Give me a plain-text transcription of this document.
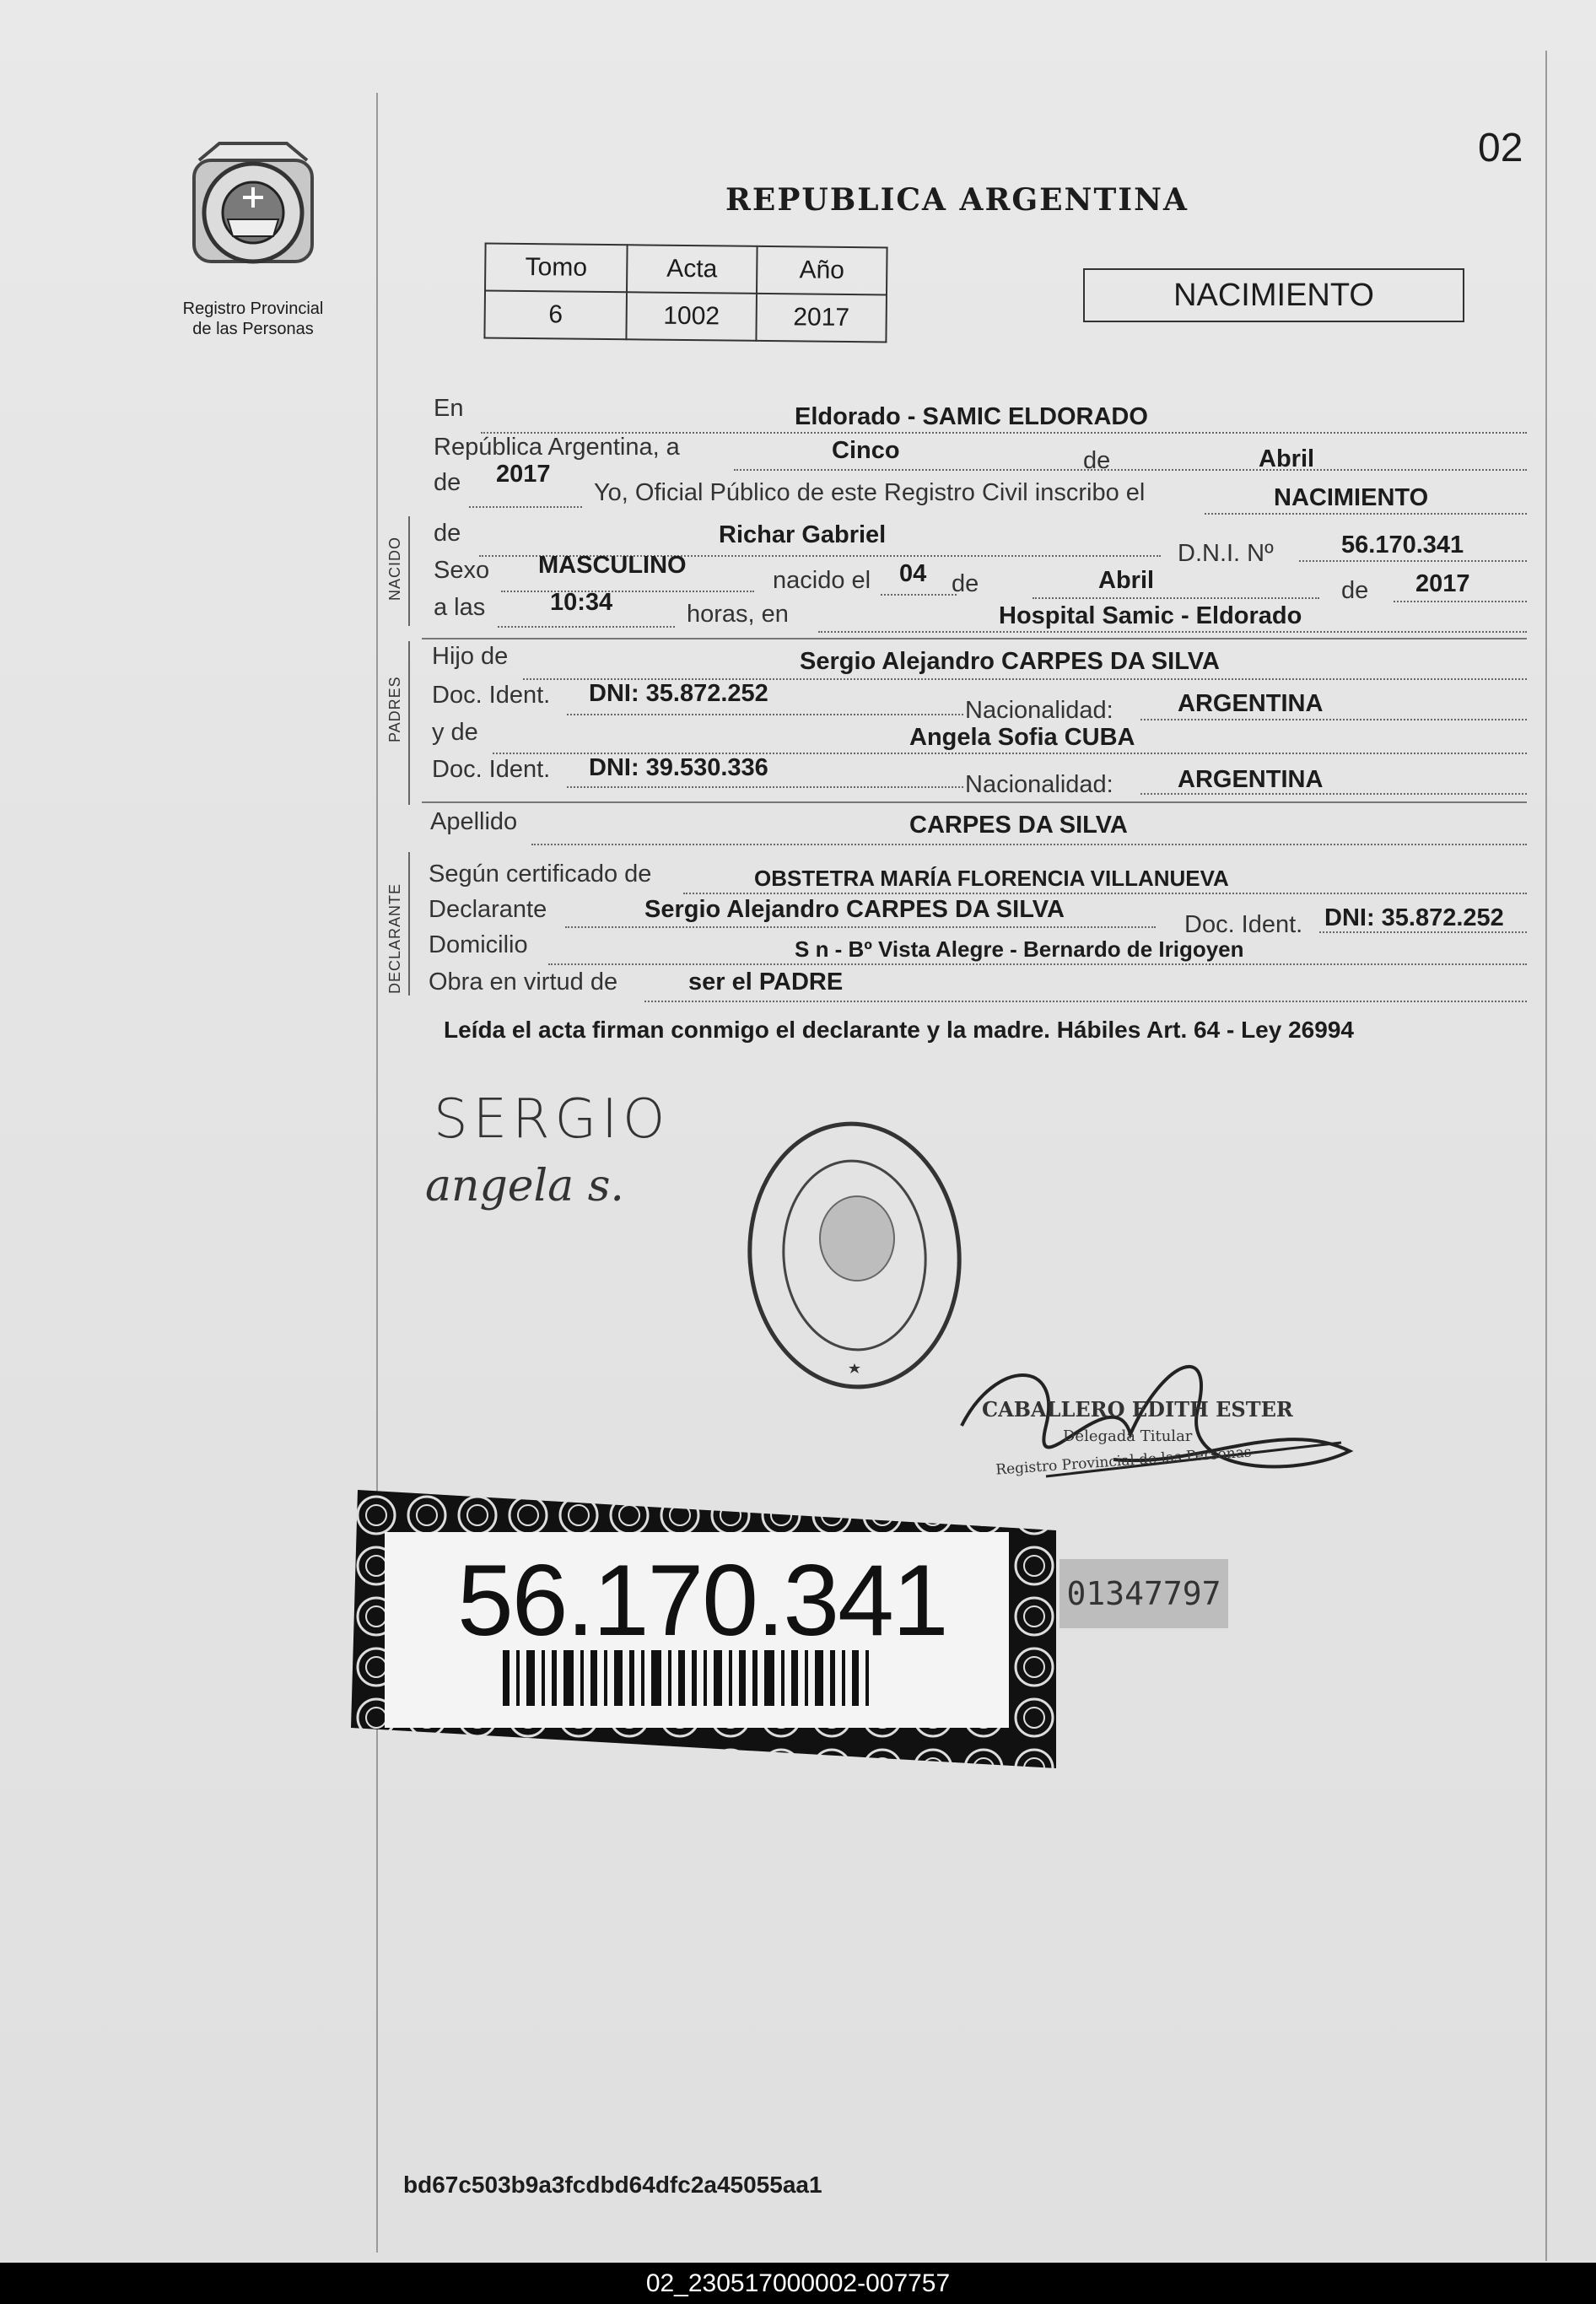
02
Registro Provincial
de las Personas
REPUBLICA ARGENTINA
Tomo	Acta	Año
6	1002	2017
NACIMIENTO
En	Eldorado - SAMIC ELDORADO
República Argentina, a	Cinco	de	Abril
de 2017
Yo, Oficial Público de este Registro Civil inscribo el	NACIMIENTO
NACIDO
de	Richar Gabriel
D.N.I. Nº	56.170.341
Sexo MASCULINO
nacido el 04 de	Abril	de 2017
a las	10:34	horas, en	Hospital Samic - Eldorado
PADRES
Hijo de	Sergio Alejandro CARPES DA SILVA
Doc. Ident. DNI: 35.872.252
Nacionalidad:	ARGENTINA
y de	Angela Sofia CUBA
Doc. Ident. DNI: 39.530.336
Nacionalidad:	ARGENTINA
Apellido	CARPES DA SILVA
DECLARANTE
Según certificado de	OBSTETRA MARÍA FLORENCIA VILLANUEVA
Declarante	Sergio Alejandro CARPES DA SILVA
Doc. Ident. DNI: 35.872.252
Domicilio	S n - Bº Vista Alegre - Bernardo de Irigoyen
Obra en virtud de	ser el PADRE
Leída el acta firman conmigo el declarante y la madre. Hábiles Art. 64 - Ley 26994
SERGIO
angela s.
CABALLERO EDITH ESTER
Delegada Titular
Registro Provincial de las Personas
56.170.341	01347797
bd67c503b9a3fcdbd64dfc2a45055aa1
02_230517000002-007757
